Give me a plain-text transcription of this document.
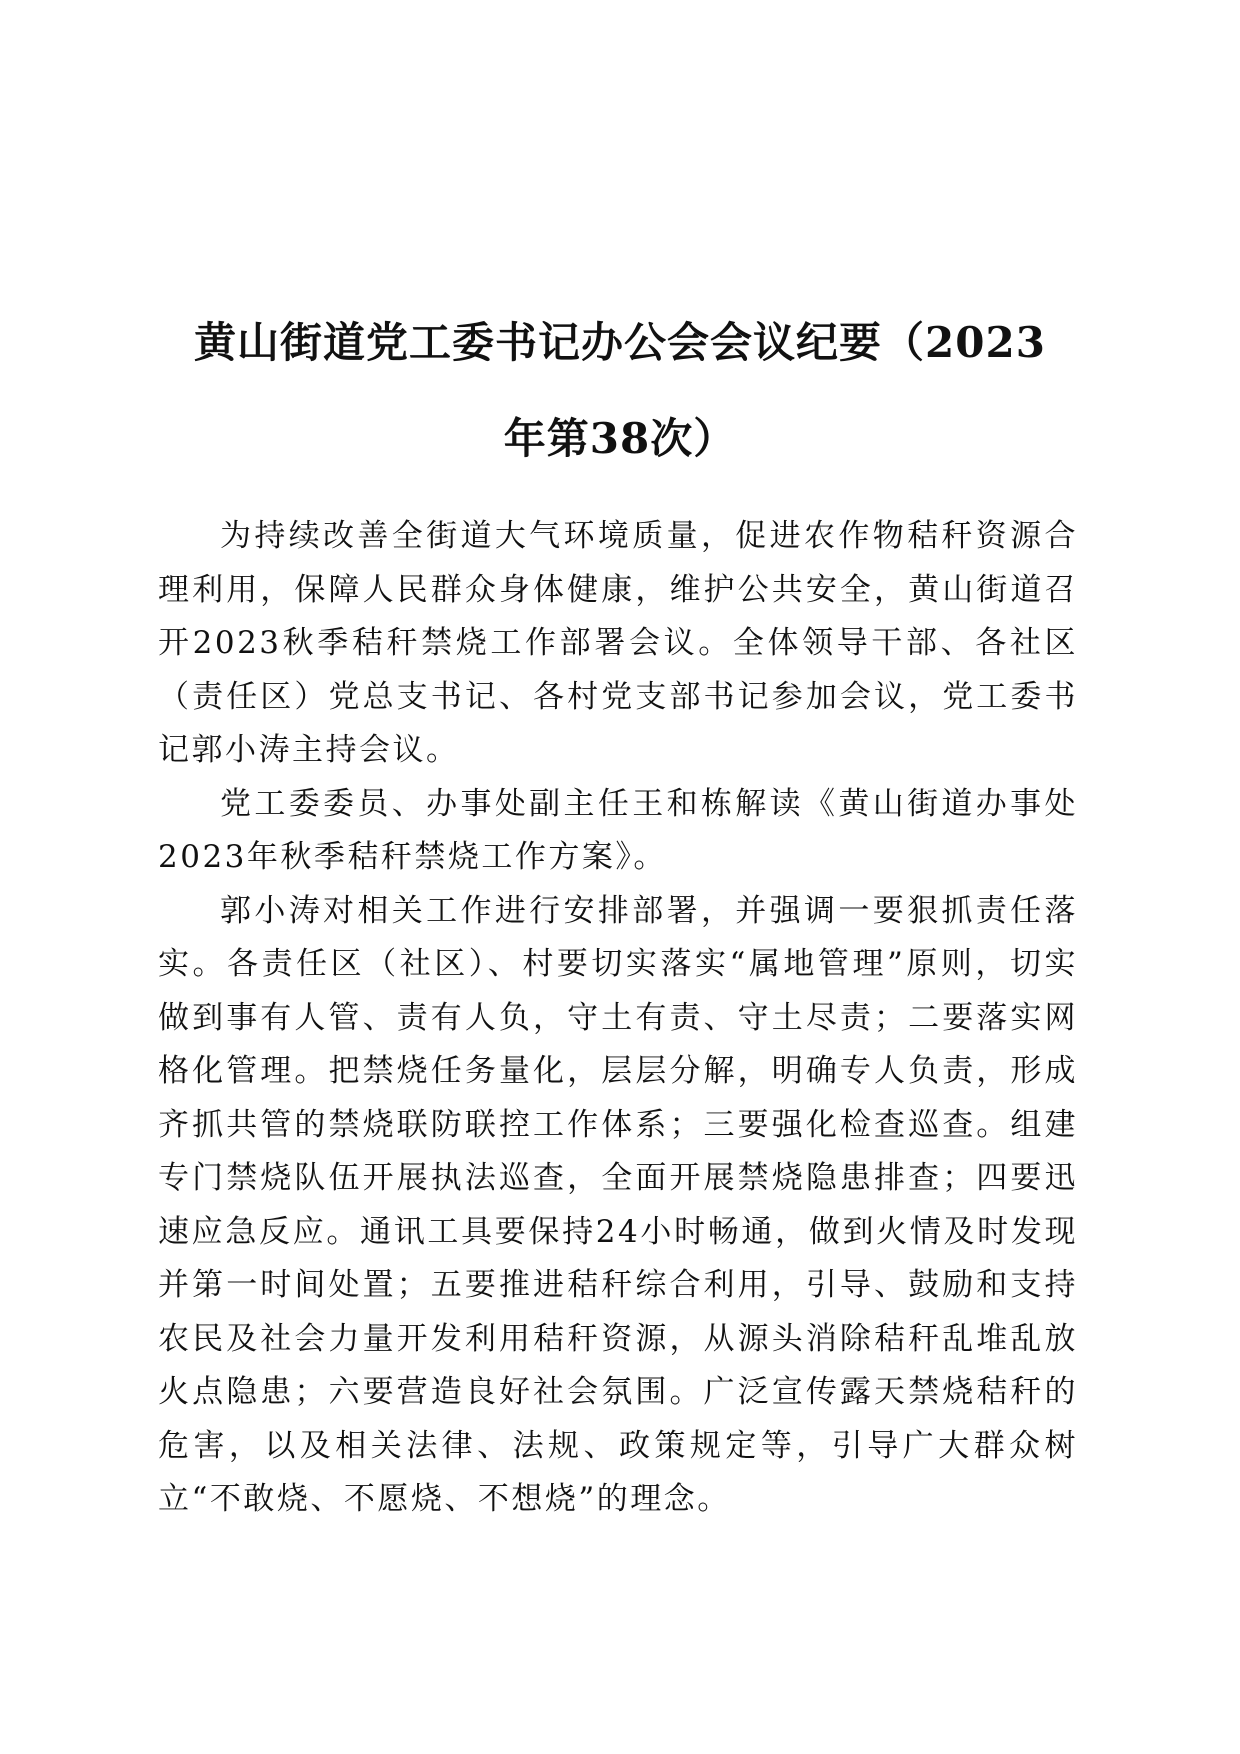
黄山街道党工委书记办公会会议纪要（2023
年第38次）

为持续改善全街道大气环境质量，促进农作物秸秆资源合理利用，保障人民群众身体健康，维护公共安全，黄山街道召开2023秋季秸秆禁烧工作部署会议。全体领导干部、各社区（责任区）党总支书记、各村党支部书记参加会议，党工委书记郭小涛主持会议。

党工委委员、办事处副主任王和栋解读《黄山街道办事处2023年秋季秸秆禁烧工作方案》。

郭小涛对相关工作进行安排部署，并强调一要狠抓责任落实。各责任区（社区）、村要切实落实“属地管理”原则，切实做到事有人管、责有人负，守土有责、守土尽责；二要落实网格化管理。把禁烧任务量化，层层分解，明确专人负责，形成齐抓共管的禁烧联防联控工作体系；三要强化检查巡查。组建专门禁烧队伍开展执法巡查，全面开展禁烧隐患排查；四要迅速应急反应。通讯工具要保持24小时畅通，做到火情及时发现并第一时间处置；五要推进秸秆综合利用，引导、鼓励和支持农民及社会力量开发利用秸秆资源，从源头消除秸秆乱堆乱放火点隐患；六要营造良好社会氛围。广泛宣传露天禁烧秸秆的危害，以及相关法律、法规、政策规定等，引导广大群众树立“不敢烧、不愿烧、不想烧”的理念。
